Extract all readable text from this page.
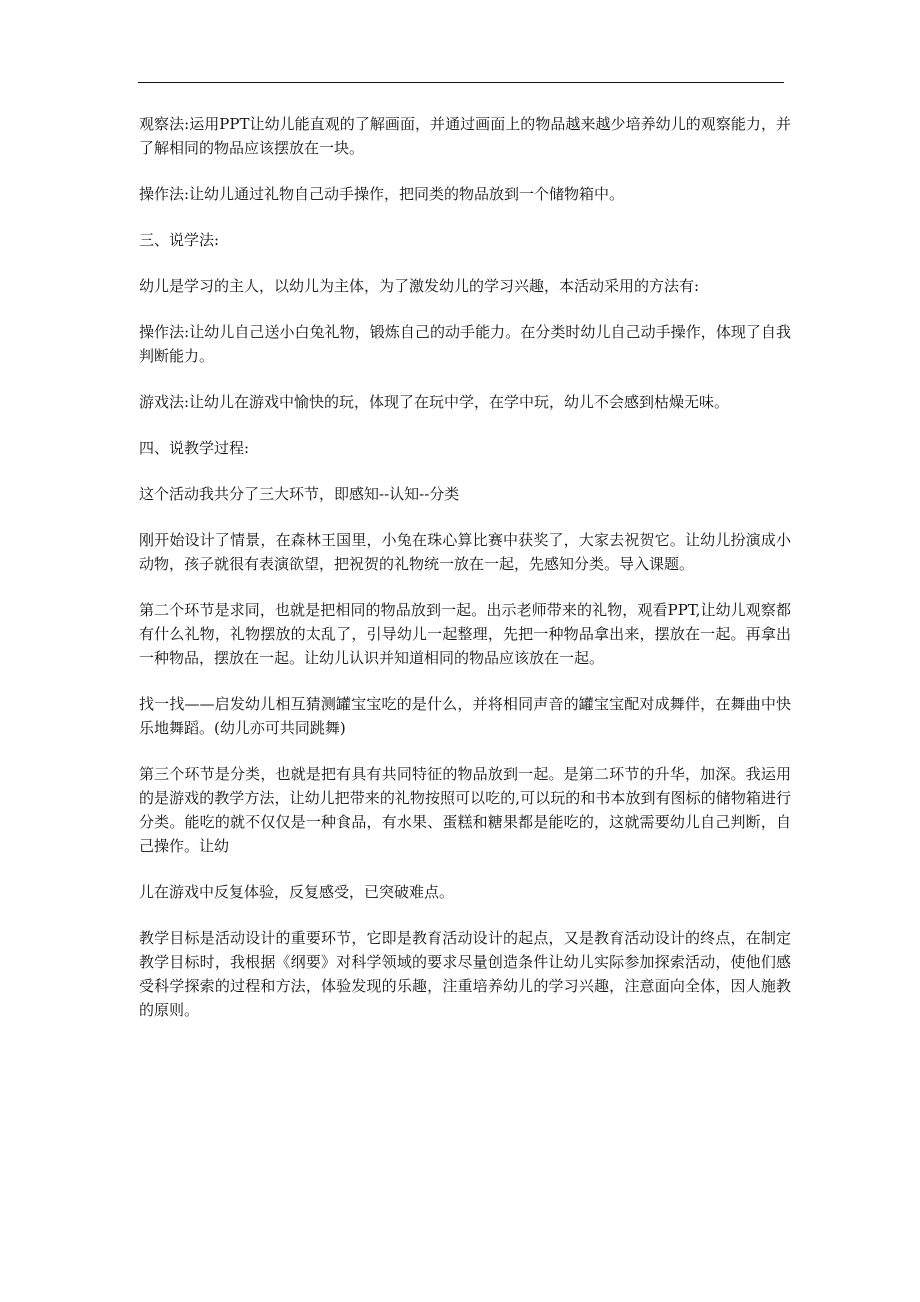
观察法:运用PPT让幼儿能直观的了解画面，并通过画面上的物品越来越少培养幼儿的观察能力，并了解相同的物品应该摆放在一块。

操作法:让幼儿通过礼物自己动手操作，把同类的物品放到一个储物箱中。

三、说学法:

幼儿是学习的主人，以幼儿为主体，为了激发幼儿的学习兴趣，本活动采用的方法有:

操作法:让幼儿自己送小白兔礼物，锻炼自己的动手能力。在分类时幼儿自己动手操作，体现了自我判断能力。

游戏法:让幼儿在游戏中愉快的玩，体现了在玩中学，在学中玩，幼儿不会感到枯燥无味。

四、说教学过程:

这个活动我共分了三大环节，即感知--认知--分类

刚开始设计了情景，在森林王国里，小兔在珠心算比赛中获奖了，大家去祝贺它。让幼儿扮演成小动物，孩子就很有表演欲望，把祝贺的礼物统一放在一起，先感知分类。导入课题。

第二个环节是求同，也就是把相同的物品放到一起。出示老师带来的礼物，观看PPT,让幼儿观察都有什么礼物，礼物摆放的太乱了，引导幼儿一起整理，先把一种物品拿出来，摆放在一起。再拿出一种物品，摆放在一起。让幼儿认识并知道相同的物品应该放在一起。

找一找——启发幼儿相互猜测罐宝宝吃的是什么，并将相同声音的罐宝宝配对成舞伴，在舞曲中快乐地舞蹈。(幼儿亦可共同跳舞)

第三个环节是分类，也就是把有具有共同特征的物品放到一起。是第二环节的升华，加深。我运用的是游戏的教学方法，让幼儿把带来的礼物按照可以吃的,可以玩的和书本放到有图标的储物箱进行分类。能吃的就不仅仅是一种食品，有水果、蛋糕和糖果都是能吃的，这就需要幼儿自己判断，自己操作。让幼

儿在游戏中反复体验，反复感受，已突破难点。

教学目标是活动设计的重要环节，它即是教育活动设计的起点，又是教育活动设计的终点，在制定教学目标时，我根据《纲要》对科学领域的要求尽量创造条件让幼儿实际参加探索活动，使他们感受科学探索的过程和方法，体验发现的乐趣，注重培养幼儿的学习兴趣，注意面向全体，因人施教的原则。
